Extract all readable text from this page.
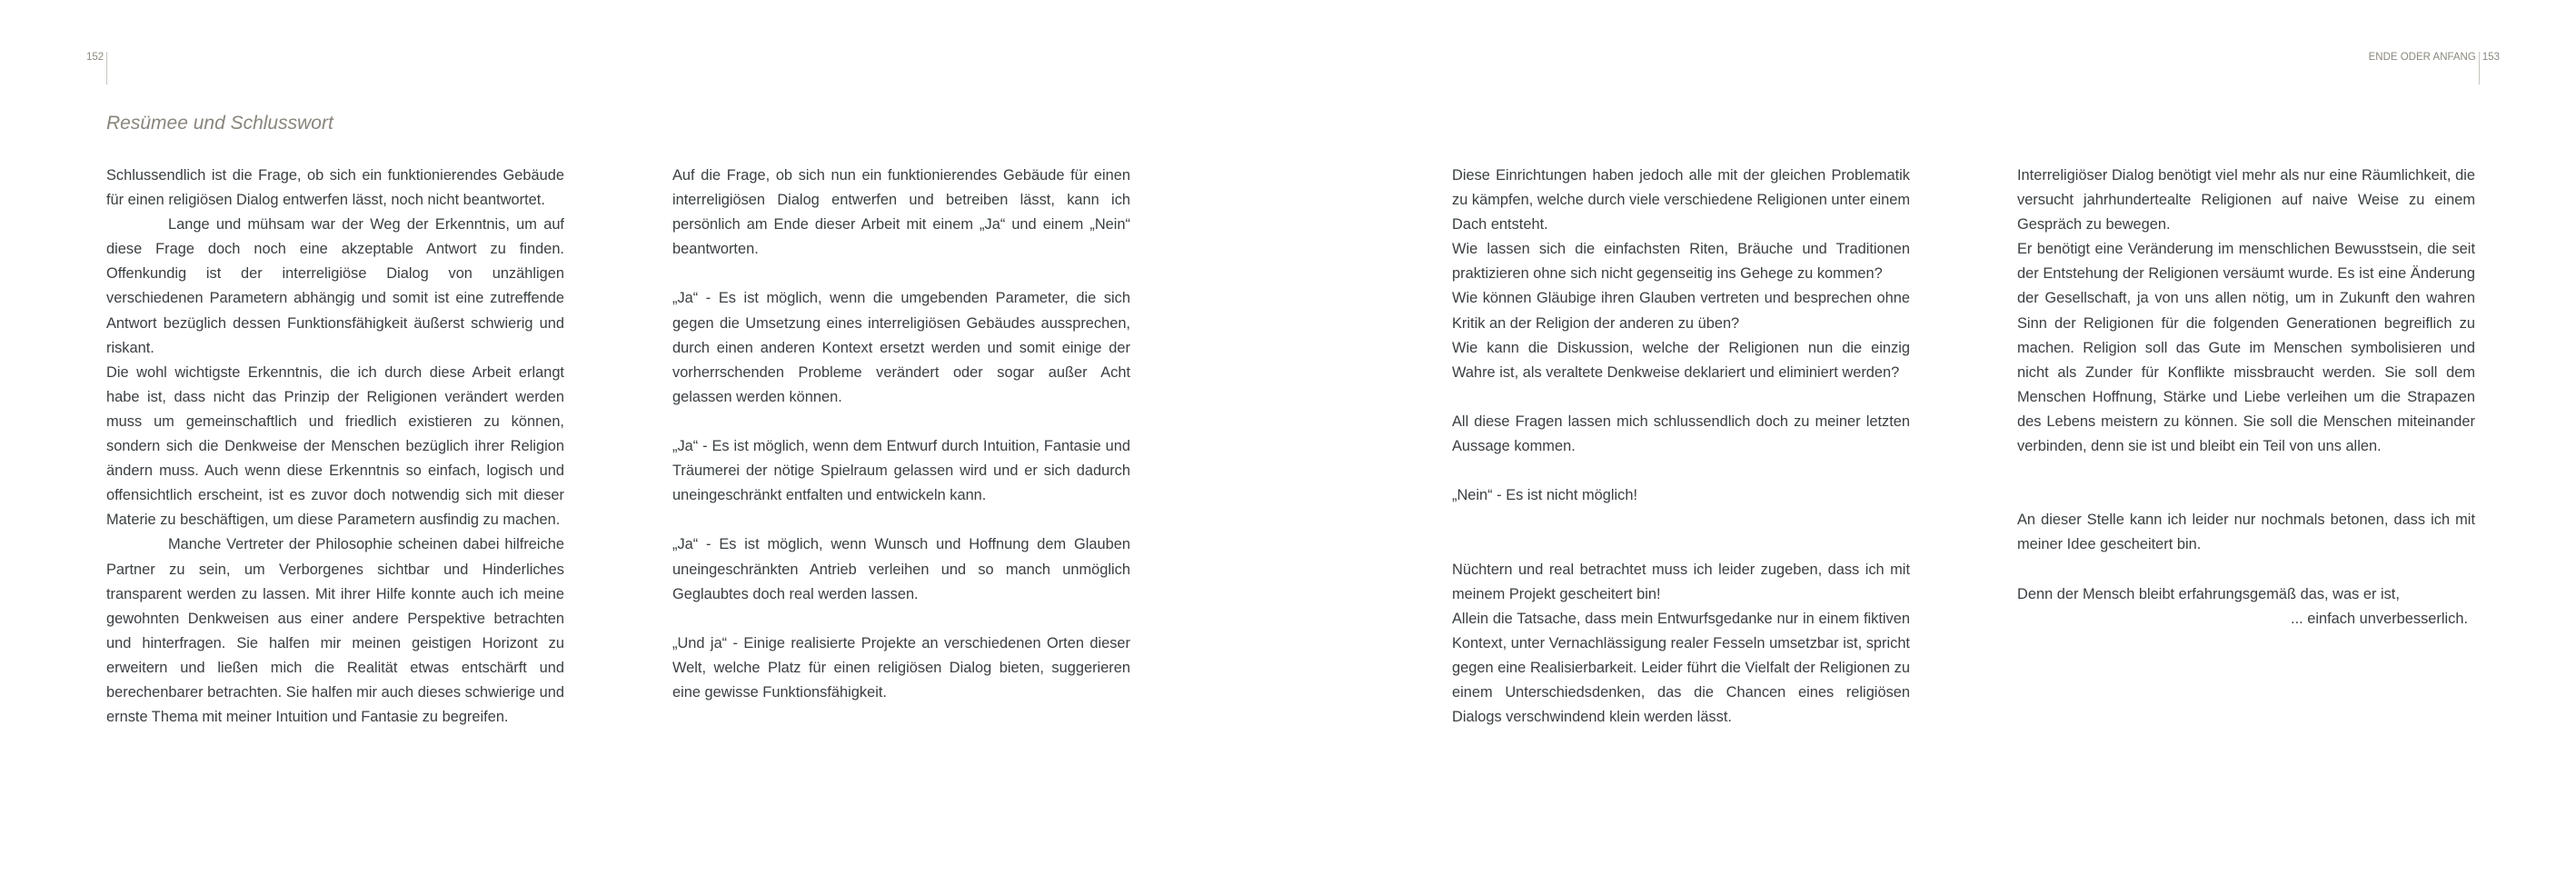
152
Resümee und Schlusswort

Schlussendlich ist die Frage, ob sich ein funktionierendes Gebäude für einen religiösen Dialog entwerfen lässt, noch nicht beantwortet.

Lange und mühsam war der Weg der Erkenntnis, um auf diese Frage doch noch eine akzeptable Antwort zu finden. Offenkundig ist der interreligiöse Dialog von unzähligen verschiedenen Parametern abhängig und somit ist eine zutreffende Antwort bezüglich dessen Funktionsfähigkeit äußerst schwierig und riskant.

Die wohl wichtigste Erkenntnis, die ich durch diese Arbeit erlangt habe ist, dass nicht das Prinzip der Religionen verändert werden muss um gemeinschaftlich und friedlich existieren zu können, sondern sich die Denkweise der Menschen bezüglich ihrer Religion ändern muss. Auch wenn diese Erkenntnis so einfach, logisch und offensichtlich erscheint, ist es zuvor doch notwendig sich mit dieser Materie zu beschäftigen, um diese Parametern ausfindig zu machen.

Manche Vertreter der Philosophie scheinen dabei hilfreiche Partner zu sein, um Verborgenes sichtbar und Hinderliches transparent werden zu lassen. Mit ihrer Hilfe konnte auch ich meine gewohnten Denkweisen aus einer andere Perspektive betrachten und hinterfragen. Sie halfen mir meinen geistigen Horizont zu erweitern und ließen mich die Realität etwas entschärft und berechenbarer betrachten. Sie halfen mir auch dieses schwierige und ernste Thema mit meiner Intuition und Fantasie zu begreifen.

Auf die Frage, ob sich nun ein funktionierendes Gebäude für einen interreligiösen Dialog entwerfen und betreiben lässt, kann ich persönlich am Ende dieser Arbeit mit einem „Ja“ und einem „Nein“ beantworten.

„Ja“ - Es ist möglich, wenn die umgebenden Parameter, die sich gegen die Umsetzung eines interreligiösen Gebäudes aussprechen, durch einen anderen Kontext ersetzt werden und somit einige der vorherrschenden Probleme verändert oder sogar außer Acht gelassen werden können.

„Ja“ - Es ist möglich, wenn dem Entwurf durch Intuition, Fantasie und Träumerei der nötige Spielraum gelassen wird und er sich dadurch uneingeschränkt entfalten und entwickeln kann.

„Ja“ - Es ist möglich, wenn Wunsch und Hoffnung dem Glauben uneingeschränkten Antrieb verleihen und so manch unmöglich Geglaubtes doch real werden lassen.

„Und ja“ - Einige realisierte Projekte an verschiedenen Orten dieser Welt, welche Platz für einen religiösen Dialog bieten, suggerieren eine gewisse Funktionsfähigkeit.

ENDE ODER ANFANG 153

Diese Einrichtungen haben jedoch alle mit der gleichen Problematik zu kämpfen, welche durch viele verschiedene Religionen unter einem Dach entsteht.

Wie lassen sich die einfachsten Riten, Bräuche und Traditionen praktizieren ohne sich nicht gegenseitig ins Gehege zu kommen?

Wie können Gläubige ihren Glauben vertreten und besprechen ohne Kritik an der Religion der anderen zu üben?

Wie kann die Diskussion, welche der Religionen nun die einzig Wahre ist, als veraltete Denkweise deklariert und eliminiert werden?

All diese Fragen lassen mich schlussendlich doch zu meiner letzten Aussage kommen.

„Nein“ - Es ist nicht möglich!

Nüchtern und real betrachtet muss ich leider zugeben, dass ich mit meinem Projekt gescheitert bin!

Allein die Tatsache, dass mein Entwurfsgedanke nur in einem fiktiven Kontext, unter Vernachlässigung realer Fesseln umsetzbar ist, spricht gegen eine Realisierbarkeit. Leider führt die Vielfalt der Religionen zu einem Unterschiedsdenken, das die Chancen eines religiösen Dialogs verschwindend klein werden lässt.

Interreligiöser Dialog benötigt viel mehr als nur eine Räumlichkeit, die versucht jahrhundertealte Religionen auf naive Weise zu einem Gespräch zu bewegen.

Er benötigt eine Veränderung im menschlichen Bewusstsein, die seit der Entstehung der Religionen versäumt wurde. Es ist eine Änderung der Gesellschaft, ja von uns allen nötig, um in Zukunft den wahren Sinn der Religionen für die folgenden Generationen begreiflich zu machen. Religion soll das Gute im Menschen symbolisieren und nicht als Zunder für Konflikte missbraucht werden. Sie soll dem Menschen Hoffnung, Stärke und Liebe verleihen um die Strapazen des Lebens meistern zu können. Sie soll die Menschen miteinander verbinden, denn sie ist und bleibt ein Teil von uns allen.

An dieser Stelle kann ich leider nur nochmals betonen, dass ich mit meiner Idee gescheitert bin.

Denn der Mensch bleibt erfahrungsgemäß das, was er ist,

... einfach unverbesserlich.
